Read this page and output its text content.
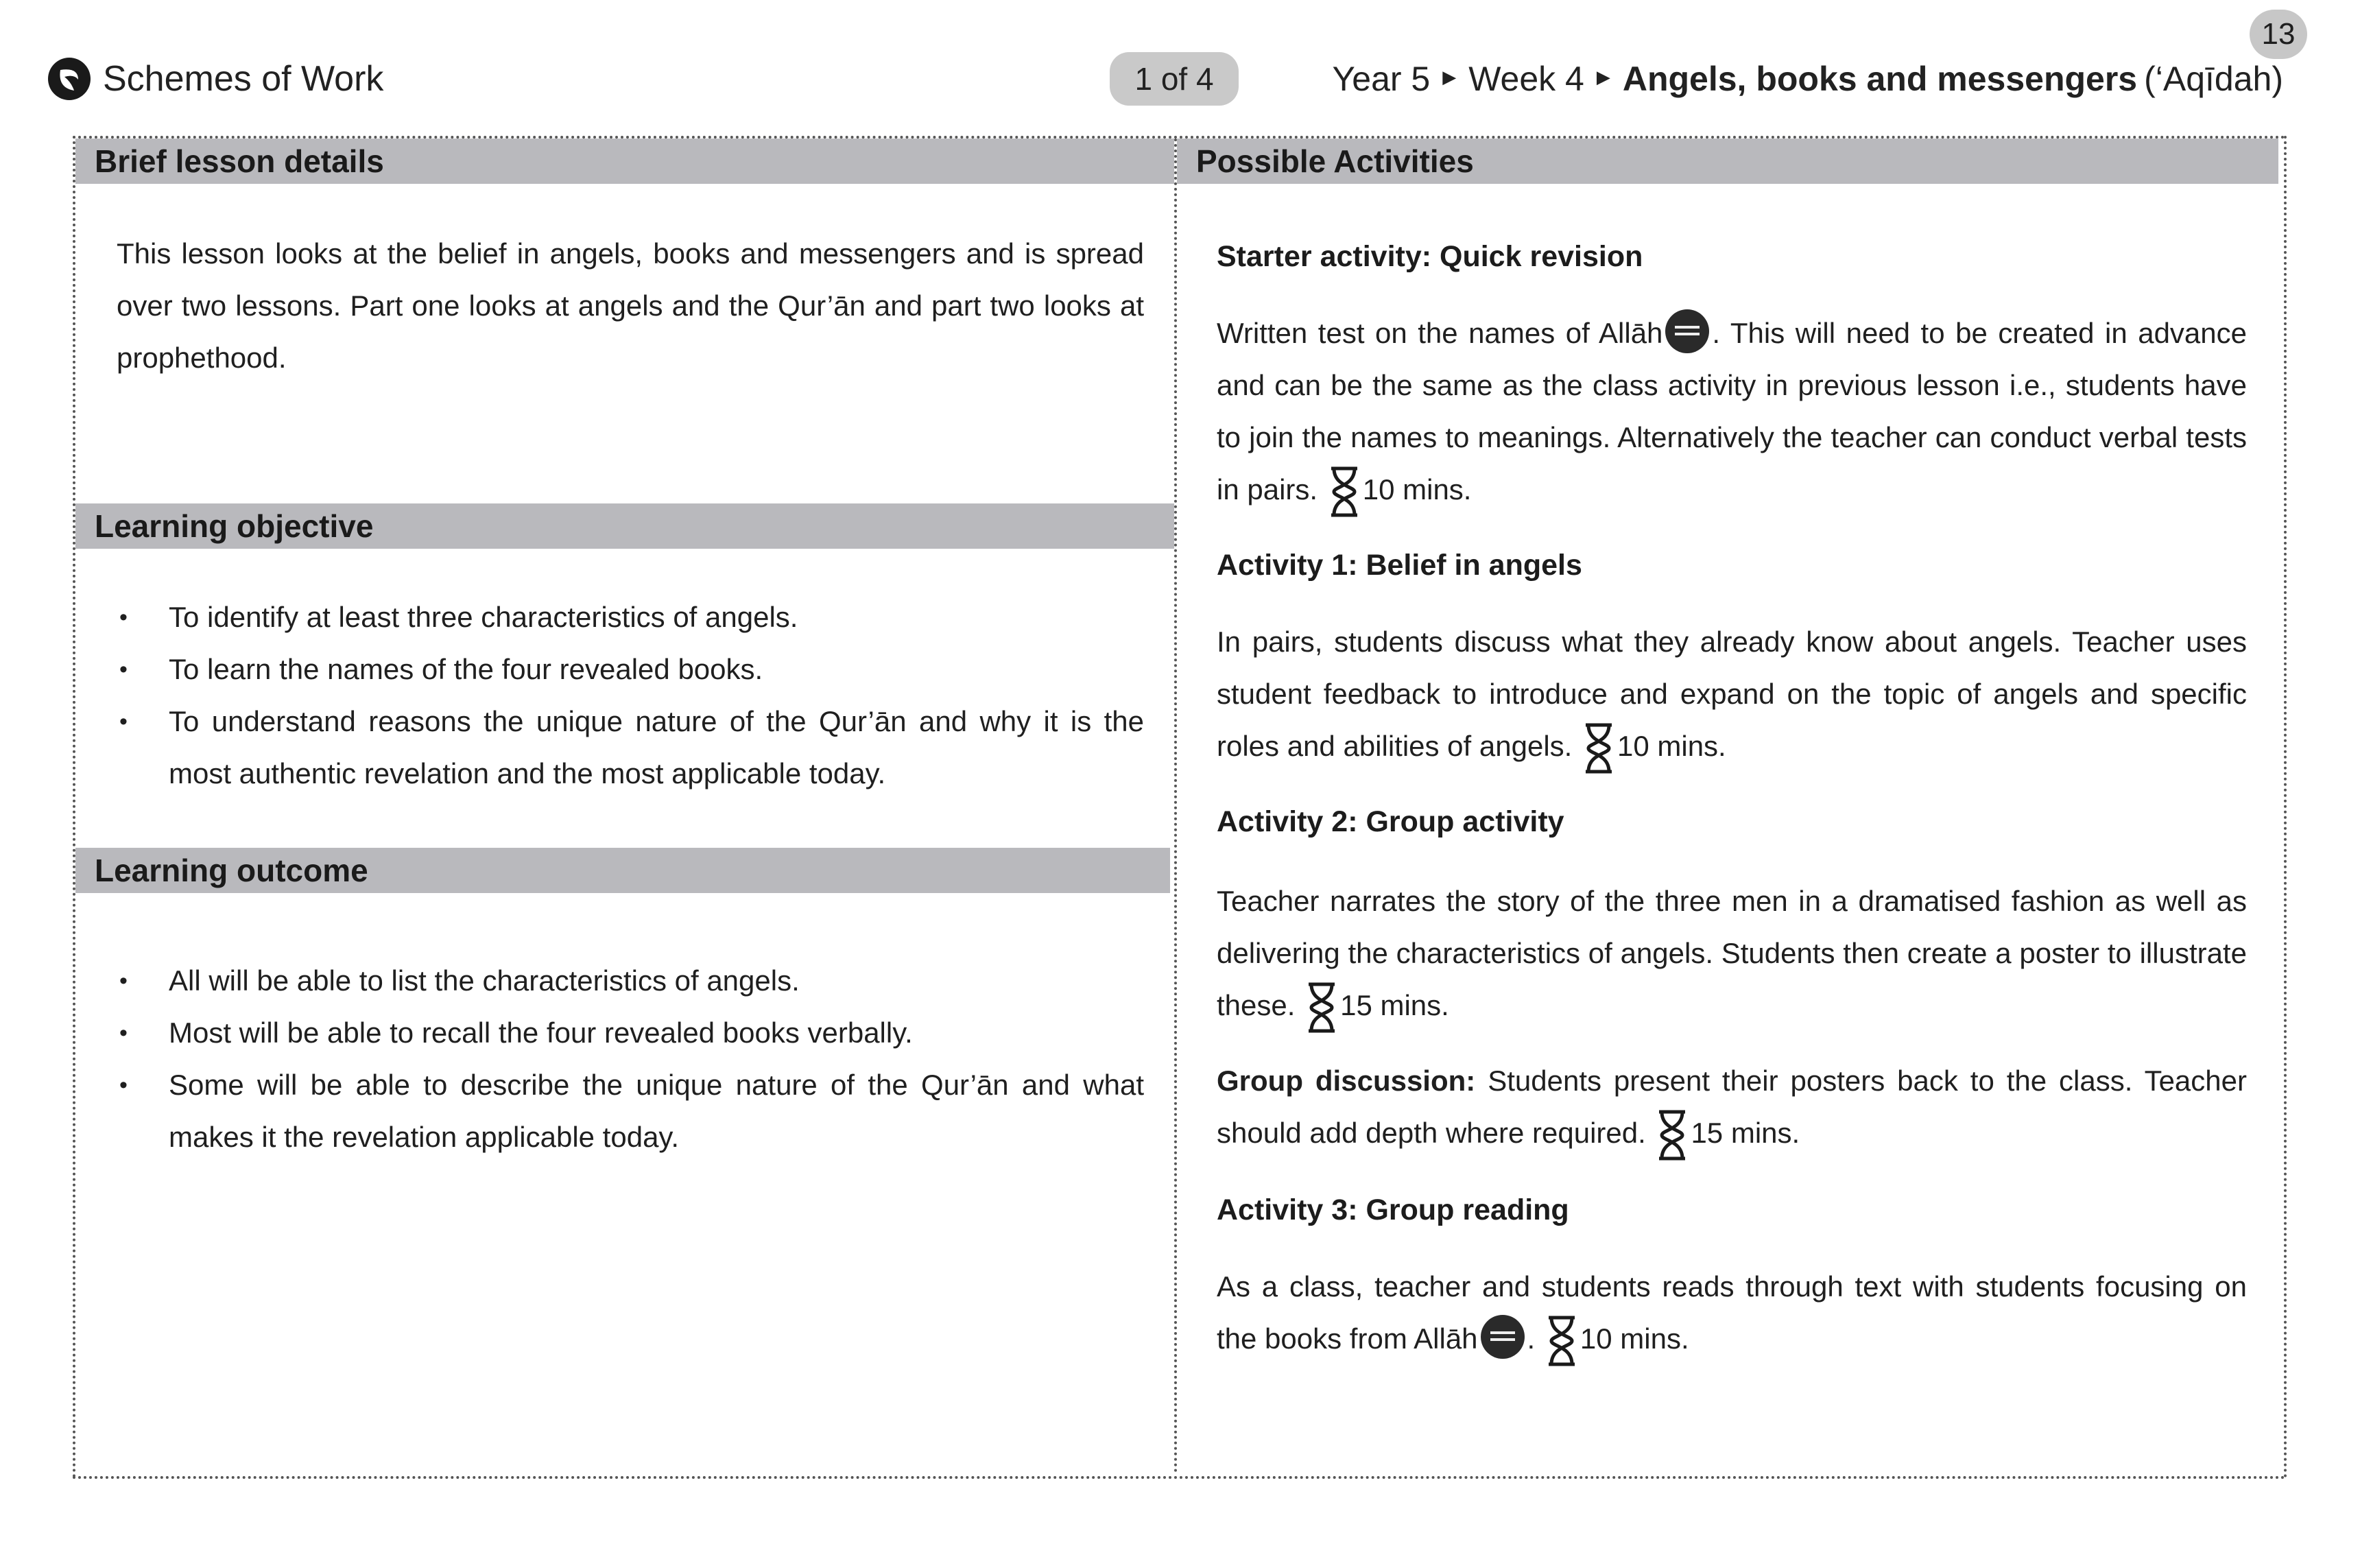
13
Schemes of Work	1 of 4	Year 5 ▶ Week 4 ▶ Angels, books and messengers (‘Aqīdah)
Brief lesson details
This lesson looks at the belief in angels, books and messengers and is spread over two lessons. Part one looks at angels and the Qur’ān and part two looks at prophethood.
Learning objective
• To identify at least three characteristics of angels.
• To learn the names of the four revealed books.
• To understand reasons the unique nature of the Qur’ān and why it is the most authentic revelation and the most applicable today.
Learning outcome
• All will be able to list the characteristics of angels.
• Most will be able to recall the four revealed books verbally.
• Some will be able to describe the unique nature of the Qur’ān and what makes it the revelation applicable today.
Possible Activities
Starter activity: Quick revision
Written test on the names of Allāh . This will need to be created in advance and can be the same as the class activity in previous lesson i.e., students have to join the names to meanings. Alternatively the teacher can conduct verbal tests in pairs. 10 mins.
Activity 1: Belief in angels
In pairs, students discuss what they already know about angels. Teacher uses student feedback to introduce and expand on the topic of angels and specific roles and abilities of angels. 10 mins.
Activity 2: Group activity
Teacher narrates the story of the three men in a dramatised fashion as well as delivering the characteristics of angels. Students then create a poster to illustrate these. 15 mins.
Group discussion: Students present their posters back to the class. Teacher should add depth where required. 15 mins.
Activity 3: Group reading
As a class, teacher and students reads through text with students focusing on the books from Allāh .
10 mins.
